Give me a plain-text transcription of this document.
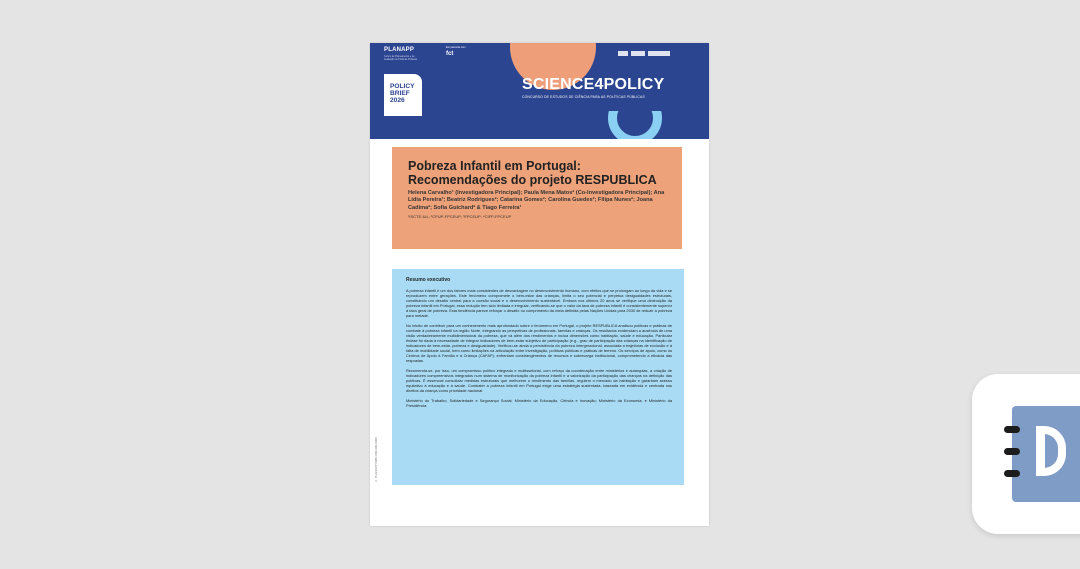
PLANAPP
Centro de Planeamento e de Avaliação de Políticas Públicas
Em parceria com
fct
POLICY
BRIEF
2026
SCIENCE4POLICY
CONCURSO DE ESTUDOS DE CIÊNCIA PARA AS POLÍTICAS PÚBLICAS
Pobreza Infantil em Portugal: Recomendações do projeto RESPUBLICA

Helena Carvalho¹ (Investigadora Principal); Paula Mena Matos² (Co-Investigadora Principal); Ana Lídia Pereira³; Beatriz Rodrigues²; Catarina Gomes²; Carolina Guedes²; Filipa Nunes²; Joana Cadima²; Sofia Guichard² & Tiago Ferreira¹

¹ISCTE-IUL; ²CPUP-FPCEUP; ³FPCEUP; ⁴CIFP-FPCEUP

Resumo executivo

A pobreza infantil é um dos fatores mais consistentes de desvantagem no desenvolvimento humano, com efeitos que se prolongam ao longo da vida e se reproduzem entre gerações. Este fenómeno compromete o bem-estar das crianças, limita o seu potencial e perpetua desigualdades estruturais, constituindo um desafio central para a coesão social e o desenvolvimento sustentável. Embora nos últimos 20 anos se verifique uma diminuição da pobreza infantil em Portugal, essa redução tem sido limitada e irregular, verificando-se que o valor da taxa de pobreza infantil é consistentemente superior à taxa geral de pobreza. Esta tendência parece reforçar o desafio no cumprimento da meta definida pelas Nações Unidas para 2030 de reduzir a pobreza para metade.

No intuito de contribuir para um conhecimento mais aprofundado sobre o fenómeno em Portugal, o projeto RESPUBLICA analisou políticas e práticas de combate à pobreza infantil na região Norte, integrando as perspetivas de profissionais, famílias e crianças. Os resultados evidenciam a ausência de uma visão verdadeiramente multidimensional da pobreza, que vá além dos rendimentos e inclua dimensões como habitação, saúde e educação. Particular ênfase foi dada à necessidade de integrar indicadores de bem-estar subjetivo de participação (e.g., grau de participação das crianças na identificação de indicadores de bem-estar, pobreza e desigualdade). Verificou-se ainda a persistência da pobreza intergeracional, associada a trajetórias de exclusão e à falta de mobilidade social, bem como limitações na articulação entre investigação, políticas públicas e práticas de terreno. Os serviços de apoio, como os Centros de Apoio à Família e à Criança (CAFAP), enfrentam constrangimentos de recursos e sobrecarga institucional, comprometendo a eficácia das respostas.

Recomenda-se, por isso, um compromisso político integrado e multissetorial, com reforço da coordenação entre ministérios e autarquias, a criação de indicadores compreensivos integrados num sistema de monitorização da pobreza infantil e a valorização da participação das crianças na definição das políticas. É essencial consolidar medidas estruturais que melhorem o rendimento das famílias, regulem o mercado da habitação e garantam acesso equitativo à educação e à saúde. Combater a pobreza infantil em Portugal exige uma estratégia sustentada, baseada em evidência e centrada nos direitos da criança como prioridade nacional.

Ministério do Trabalho, Solidariedade e Segurança Social; Ministério da Educação, Ciência e Inovação; Ministério da Economia; e Ministério da Presidência.

© PLANAPP ISBN 000-000-0000
